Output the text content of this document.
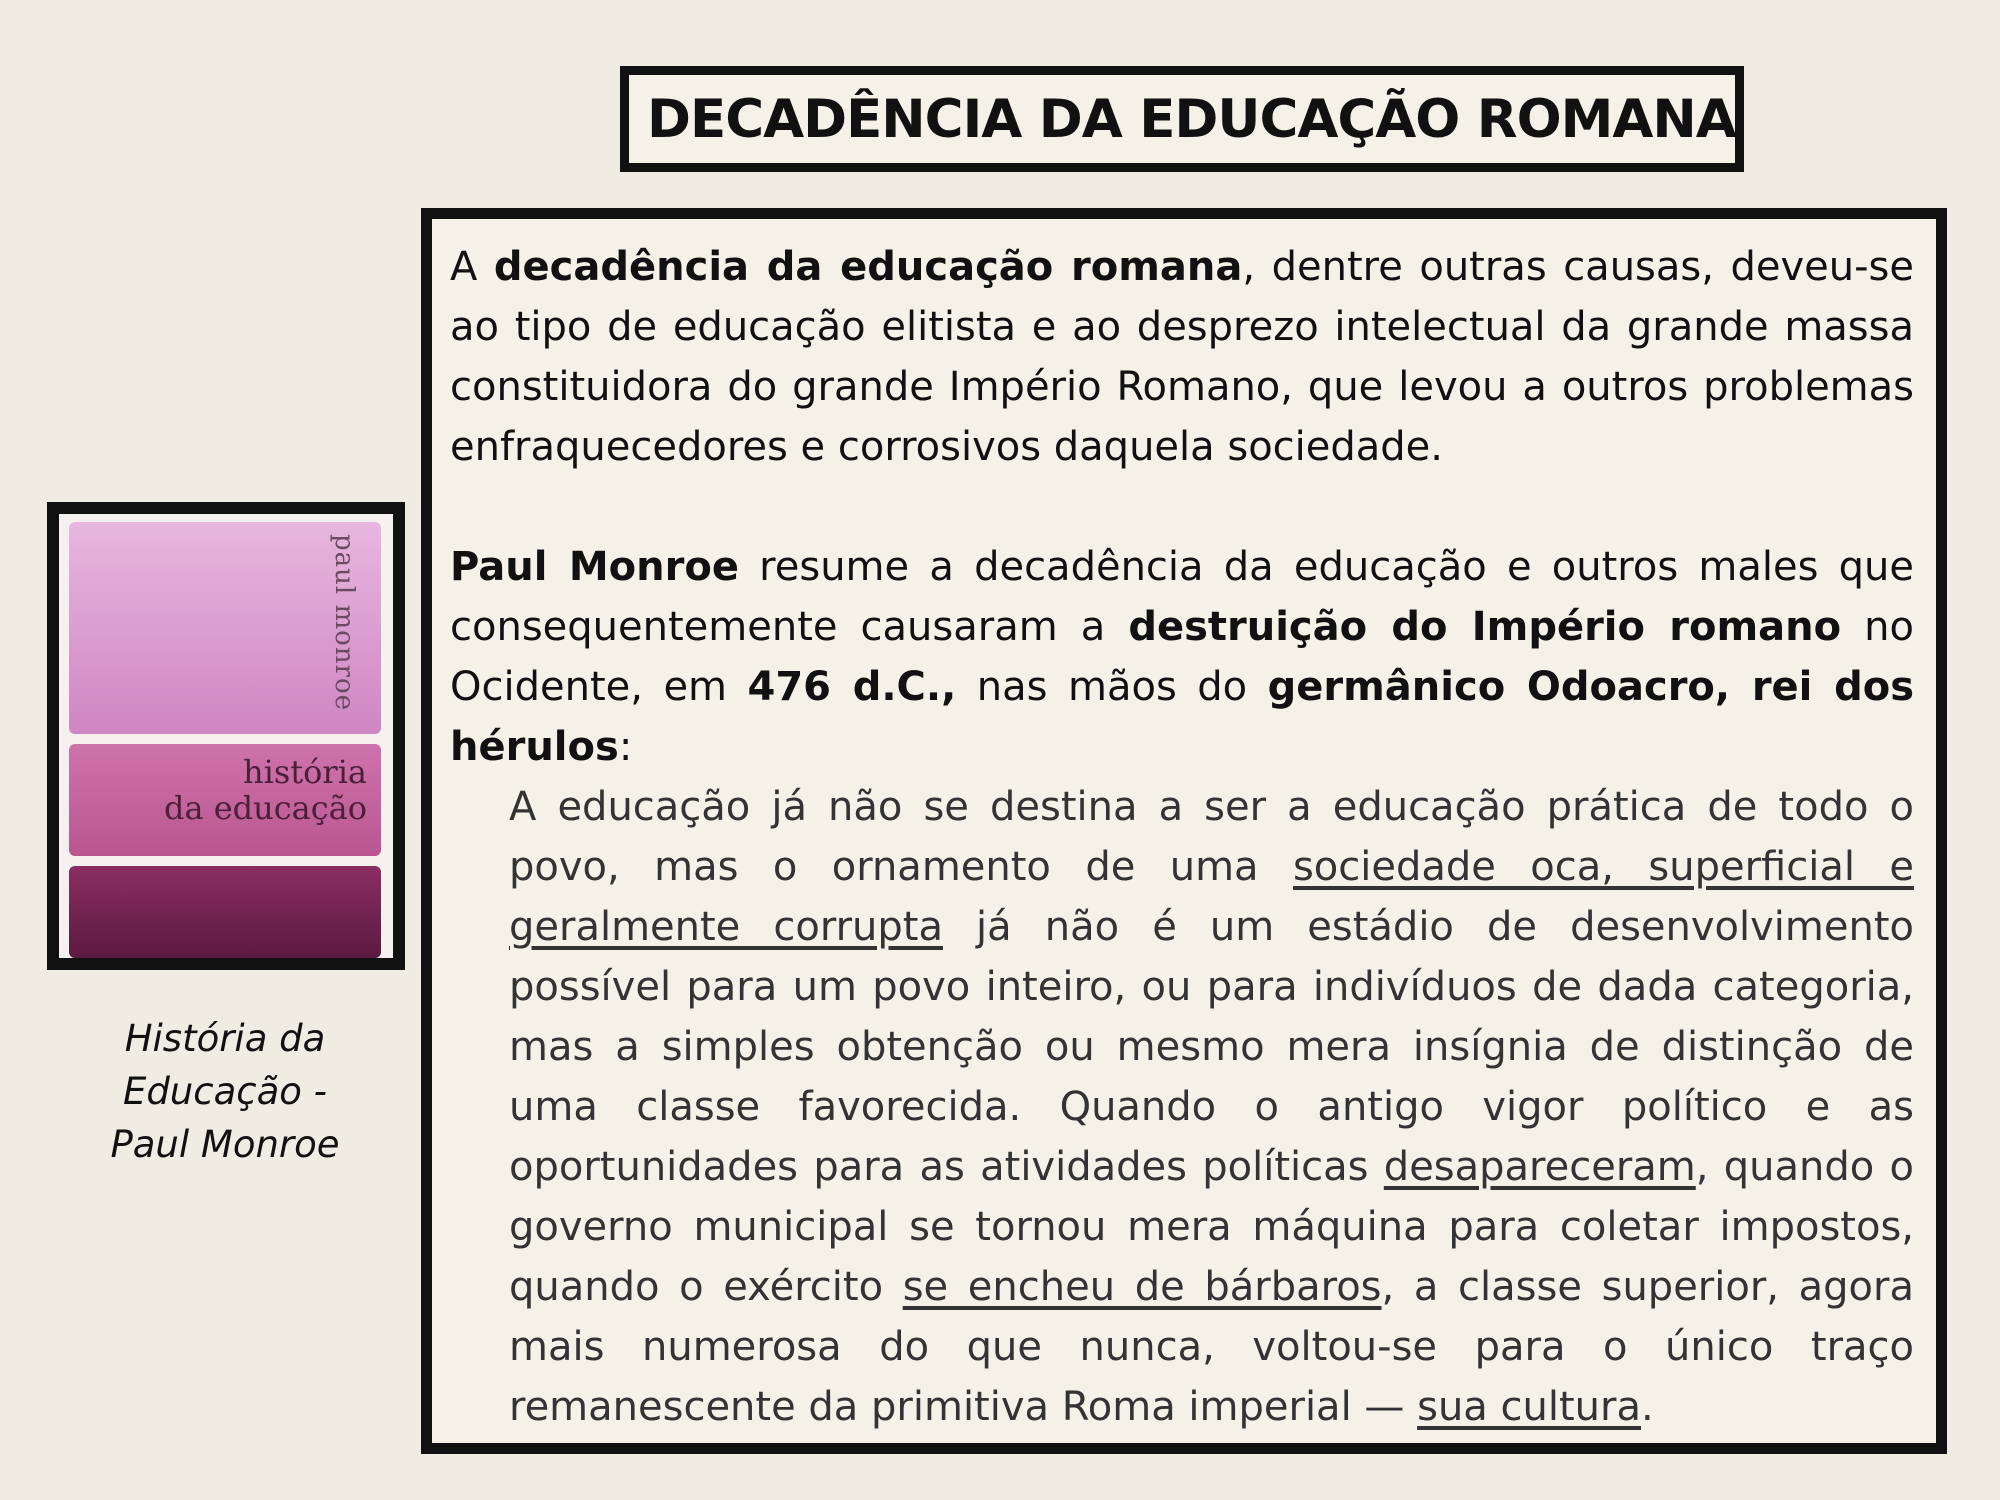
DECADÊNCIA DA EDUCAÇÃO ROMANA
paul monroe
história
da educação
História da
Educação -
Paul Monroe

A decadência da educação romana, dentre outras causas, deveu-se ao tipo de educação elitista e ao desprezo intelectual da grande massa constituidora do grande Império Romano, que levou a outros problemas enfraquecedores e corrosivos daquela sociedade.

Paul Monroe resume a decadência da educação e outros males que consequentemente causaram a destruição do Império romano no Ocidente, em 476 d.C., nas mãos do germânico Odoacro, rei dos hérulos:

A educação já não se destina a ser a educação prática de todo o povo, mas o ornamento de uma sociedade oca, superficial e geralmente corrupta já não é um estádio de desenvolvimento possível para um povo inteiro, ou para indivíduos de dada categoria, mas a simples obtenção ou mesmo mera insígnia de distinção de uma classe favorecida. Quando o antigo vigor político e as oportunidades para as atividades políticas desapareceram, quando o governo municipal se tornou mera máquina para coletar impostos, quando o exército se encheu de bárbaros, a classe superior, agora mais numerosa do que nunca, voltou-se para o único traço remanescente da primitiva Roma imperial — sua cultura.
